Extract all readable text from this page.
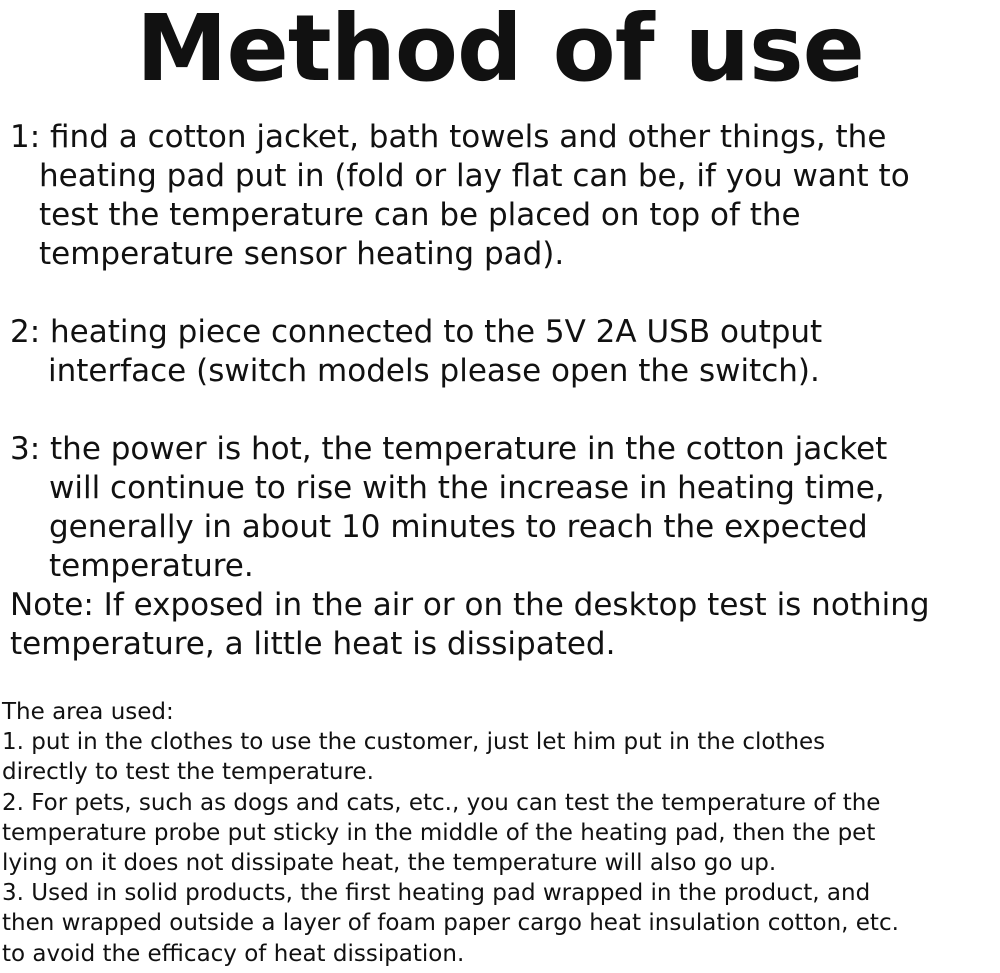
Method of use
1: find a cotton jacket, bath towels and other things, the
heating pad put in (fold or lay flat can be, if you want to
test the temperature can be placed on top of the
temperature sensor heating pad).
2: heating piece connected to the 5V 2A USB output
interface (switch models please open the switch).
3: the power is hot, the temperature in the cotton jacket
will continue to rise with the increase in heating time,
generally in about 10 minutes to reach the expected
temperature.
Note: If exposed in the air or on the desktop test is nothing
temperature, a little heat is dissipated.
The area used:
1. put in the clothes to use the customer, just let him put in the clothes
directly to test the temperature.
2. For pets, such as dogs and cats, etc., you can test the temperature of the
temperature probe put sticky in the middle of the heating pad, then the pet
lying on it does not dissipate heat, the temperature will also go up.
3. Used in solid products, the first heating pad wrapped in the product, and
then wrapped outside a layer of foam paper cargo heat insulation cotton, etc.
to avoid the efficacy of heat dissipation.
